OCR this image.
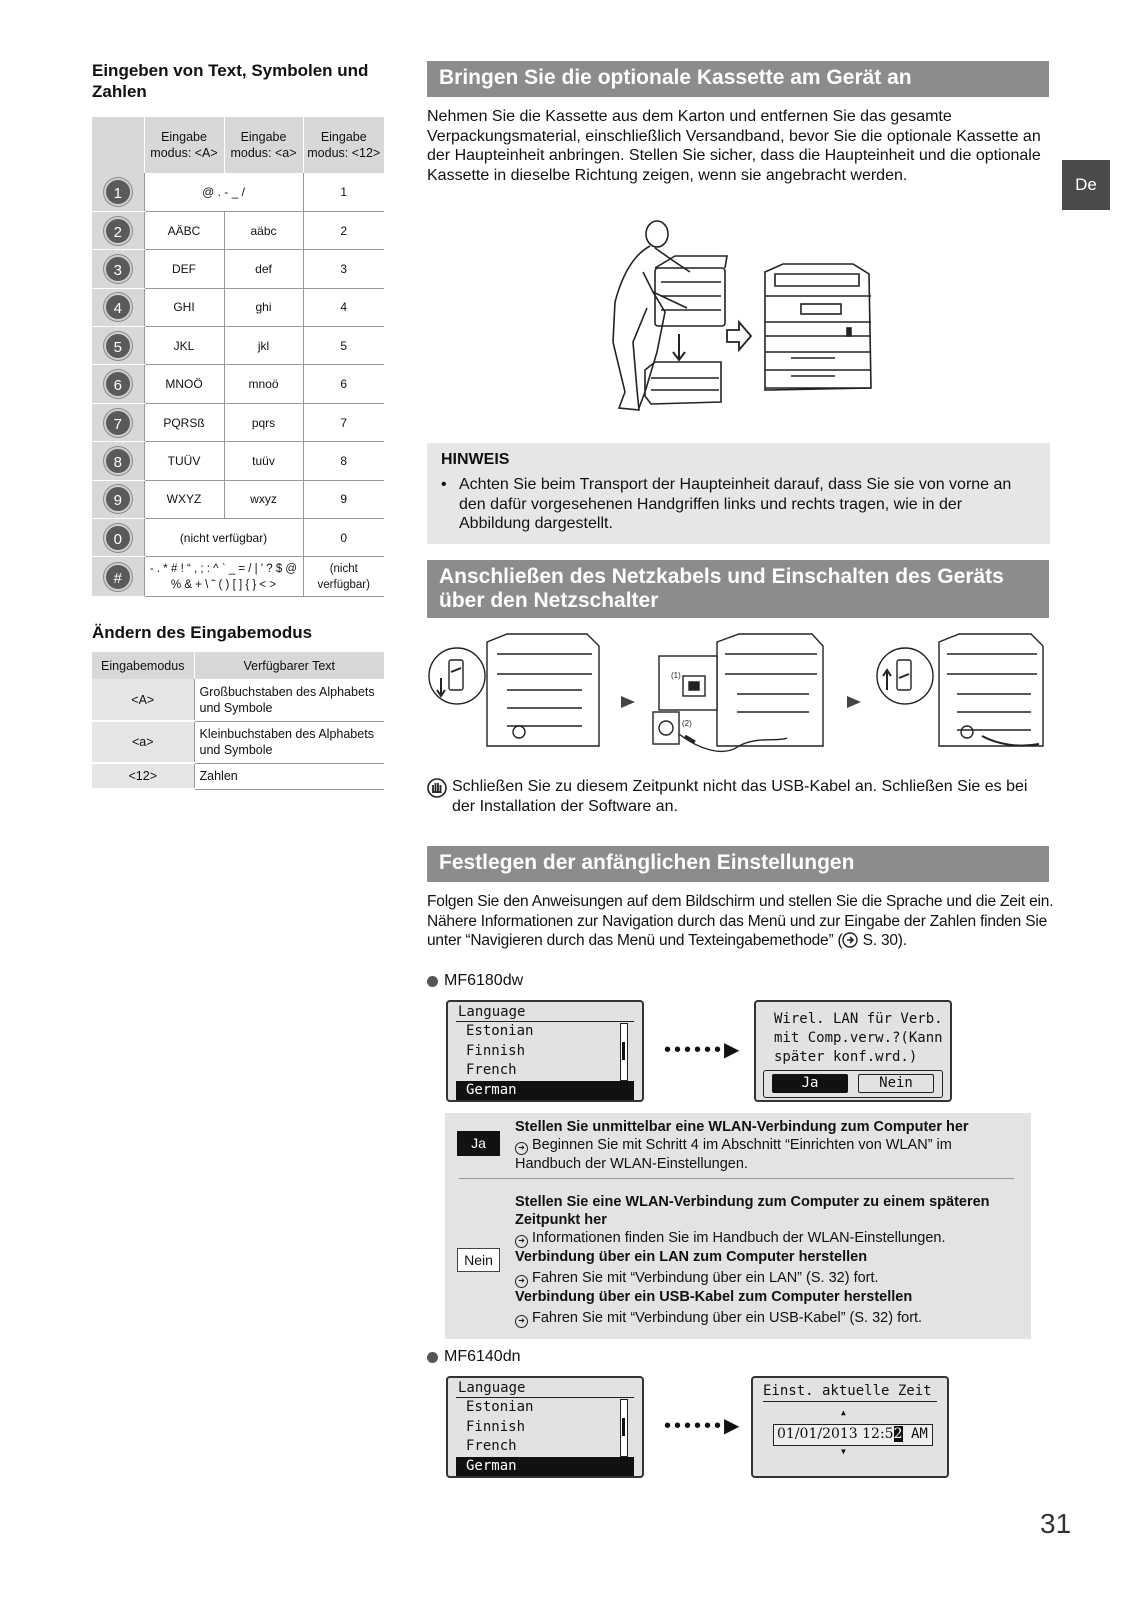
Eingeben von Text, Symbolen und Zahlen
	Eingabe modus: <A>	Eingabe modus: <a>	Eingabe modus: <12>
1	@ . - _ /		1
2	AÄBC	aäbc	2
3	DEF	def	3
4	GHI	ghi	4
5	JKL	jkl	5
6	MNOÖ	mnoö	6
7	PQRSß	pqrs	7
8	TUÜV	tuüv	8
9	WXYZ	wxyz	9
0	(nicht verfügbar)		0
#	- . * # ! “ , ; : ^ ` _ = / | ' ? $ @ % & + \ ˜ ( ) [ ] { } < >		(nicht verfügbar)
Ändern des Eingabemodus
Eingabemodus	Verfügbarer Text
<A>	Großbuchstaben des Alphabets und Symbole
<a>	Kleinbuchstaben des Alphabets und Symbole
<12>	Zahlen
De
Bringen Sie die optionale Kassette am Gerät an
Nehmen Sie die Kassette aus dem Karton und entfernen Sie das gesamte Verpackungsmaterial, einschließlich Versandband, bevor Sie die optionale Kassette an der Haupteinheit anbringen. Stellen Sie sicher, dass die Haupteinheit und die optionale Kassette in dieselbe Richtung zeigen, wenn sie angebracht werden.
HINWEIS
• Achten Sie beim Transport der Haupteinheit darauf, dass Sie sie von vorne an den dafür vorgesehenen Handgriffen links und rechts tragen, wie in der Abbildung dargestellt.
Anschließen des Netzkabels und Einschalten des Geräts über den Netzschalter
(1)
(2)
Schließen Sie zu diesem Zeitpunkt nicht das USB-Kabel an. Schließen Sie es bei der Installation der Software an.
Festlegen der anfänglichen Einstellungen
Folgen Sie den Anweisungen auf dem Bildschirm und stellen Sie die Sprache und die Zeit ein. Nähere Informationen zur Navigation durch das Menü und zur Eingabe der Zahlen finden Sie unter “Navigieren durch das Menü und Texteingabemethode” ( S. 30).
MF6180dw
Language
Estonian
Finnish
French
German
••••••▶
Wirel. LAN für Verb.
mit Comp.verw.?(Kann
später konf.wrd.)
Ja	Nein
Ja
Nein
Stellen Sie unmittelbar eine WLAN-Verbindung zum Computer her
➜ Beginnen Sie mit Schritt 4 im Abschnitt “Einrichten von WLAN” im Handbuch der WLAN-Einstellungen.
Stellen Sie eine WLAN-Verbindung zum Computer zu einem späteren Zeitpunkt her
➜ Informationen finden Sie im Handbuch der WLAN-Einstellungen.
Verbindung über ein LAN zum Computer herstellen
➜ Fahren Sie mit “Verbindung über ein LAN” (S. 32) fort.
Verbindung über ein USB-Kabel zum Computer herstellen
➜ Fahren Sie mit “Verbindung über ein USB-Kabel” (S. 32) fort.
MF6140dn
Language
Estonian
Finnish
French
German
••••••▶
Einst. aktuelle Zeit
▲
01/01/2013 12:52 AM
▼
31
